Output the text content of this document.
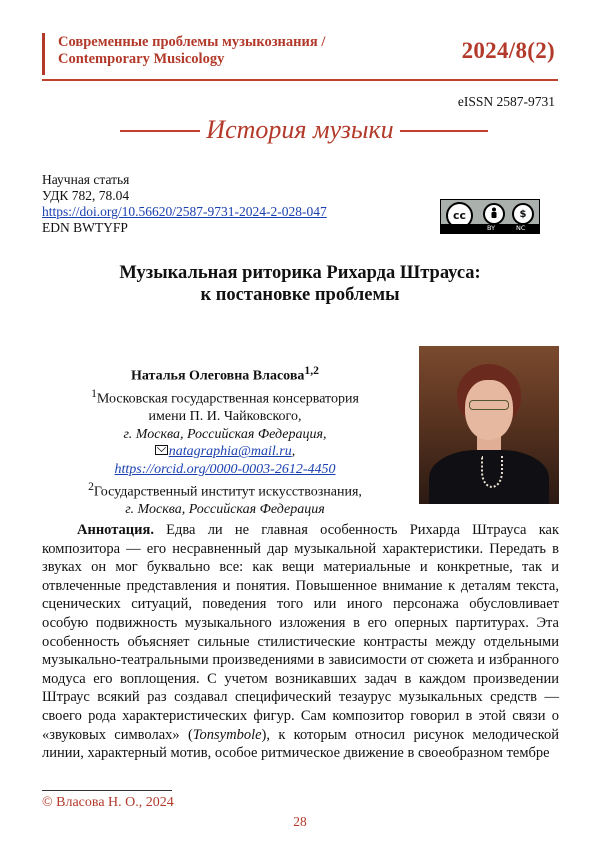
Современные проблемы музыкознания /
Contemporary Musicology	2024/8(2)
eISSN 2587-9731
История музыки
Научная статья
УДК 782, 78.04
https://doi.org/10.56620/2587-9731-2024-2-028-047
EDN BWTYFP
cc	$
BY	NC
Музыкальная риторика Рихарда Штрауса:
к постановке проблемы
Наталья Олеговна Власова$^{1,2}$
$^1$Московская государственная консерватория
имени П. И. Чайковского,
г. Москва, Российская Федерация,
natagraphia@mail.ru,
https://orcid.org/0000-0003-2612-4450
$^2$Государственный институт искусствознания,
г. Москва, Российская Федерация
Аннотация. Едва ли не главная особенность Рихарда Штрауса как композитора — его несравненный дар музыкальной характеристики. Передать в звуках он мог буквально все: как вещи материальные и конкретные, так и отвлеченные представления и понятия. Повышенное внимание к деталям текста, сценических ситуаций, поведения того или иного персонажа обусловливает особую подвижность музыкального изложения в его оперных партитурах. Эта особенность объясняет сильные стилистические контрасты между отдельными музыкально-театральными произведениями в зависимости от сюжета и избранного модуса его воплощения. С учетом возникавших задач в каждом произведении Штраус всякий раз создавал специфический тезаурус музыкальных средств — своего рода характеристических фигур. Сам композитор говорил в этой связи о «звуковых символах» (Tonsymbole), к которым относил рисунок мелодической линии, характерный мотив, особое ритмическое движение в своеобразном тембре
© Власова Н. О., 2024
28
